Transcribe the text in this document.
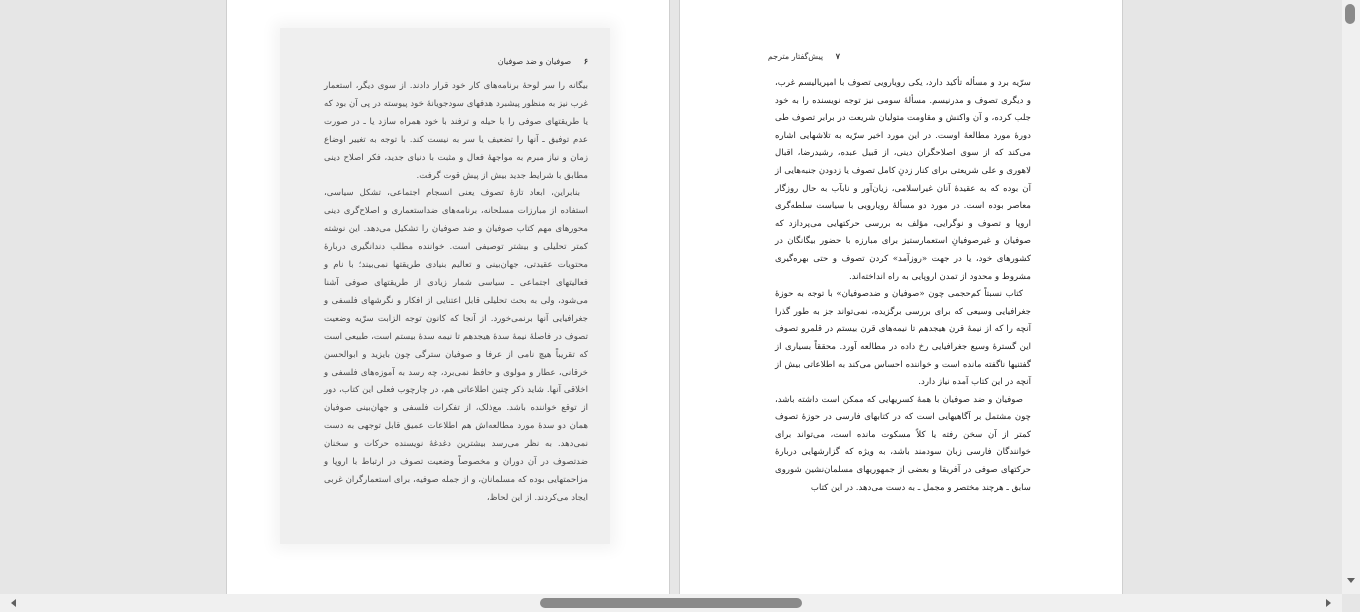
۶ صوفیان و ضد صوفیان

بیگانه را سر لوحهٔ برنامه‌های کار خود قرار دادند. از سوی دیگر، استعمار غرب نیز به منظور پیشبرد هدفهای سودجویانهٔ خود پیوسته در پی آن بود که یا طریقتهای صوفی را با حیله و ترفند با خود همراه سازد یا ـ در صورت عدم توفیق ـ آنها را تضعیف یا سر به نیست کند. با توجه به تغییر اوضاع زمان و نیاز مبرم به مواجههٔ فعال و مثبت با دنیای جدید، فکر اصلاح دینی مطابق با شرایط جدید بیش از پیش قوت گرفت.

بنابراین، ابعاد تازهٔ تصوف یعنی انسجام اجتماعی، تشکل سیاسی، استفاده از مبارزات مسلحانه، برنامه‌های ضداستعماری و اصلاح‌گری دینی محورهای مهم کتاب صوفیان و ضد صوفیان را تشکیل می‌دهد. این نوشته کمتر تحلیلی و بیشتر توصیفی است. خواننده مطلب دندانگیری دربارهٔ محتویات عقیدتی، جهان‌بینی و تعالیم بنیادی طریقتها نمی‌بیند؛ با نام و فعالیتهای اجتماعی ـ سیاسی شمار زیادی از طریقتهای صوفی آشنا می‌شود، ولی به بحث تحلیلی قابل اعتنایی از افکار و نگرشهای فلسفی و جغرافیایی آنها برنمی‌خورد. از آنجا که کانون توجه الزابت سرّیه وضعیت تصوف در فاصلهٔ نیمهٔ سدهٔ هیجدهم تا نیمه سدهٔ بیستم است، طبیعی است که تقریباً هیچ نامی از عرفا و صوفیان سترگی چون بایزید و ابوالحسن خرقانی، عطار و مولوی و حافظ نمی‌برد، چه رسد به آموزه‌های فلسفی و اخلاقی آنها. شاید ذکر چنین اطلاعاتی هم، در چارچوب فعلی این کتاب، دور از توقع خواننده باشد. مع‌ذلک، از تفکرات فلسفی و جهان‌بینی صوفیان همان دو سدهٔ مورد مطالعه‌اش هم اطلاعات عمیق قابل توجهی به دست نمی‌دهد. به نظر می‌رسد بیشترین دغدغهٔ نویسنده حرکات و سخنان ضدتصوف در آن دوران و مخصوصاً وضعیت تصوف در ارتباط با اروپا و مزاحمتهایی بوده که مسلمانان، و از جمله صوفیه، برای استعمارگران غربی ایجاد می‌کردند. از این لحاظ،

۷ پیش‌گفتار مترجم

سرّیه برد و مسأله تأکید دارد، یکی رویارویی تصوف با امپریالیسم غرب، و دیگری تصوف و مدرنیسم. مسألهٔ سومی نیز توجه نویسنده را به خود جلب کرده، و آن واکنش و مقاومت متولیان شریعت در برابر تصوف طی دورهٔ مورد مطالعهٔ اوست. در این مورد اخیر سرّیه به تلاشهایی اشاره می‌کند که از سوی اصلاحگران دینی، از قبیل عبده، رشیدرضا، اقبال لاهوری و علی شریعتی برای کنار زدنِ کامل تصوف یا زدودن جنبه‌هایی از آن بوده که به عقیدهٔ آنان غیراسلامی، زیان‌آور و نابآب به حال روزگار معاصر بوده است. در مورد دو مسألهٔ رویارویی با سیاست سلطه‌گری اروپا و تصوف و نوگرایی، مؤلف به بررسی حرکتهایی می‌پردازد که صوفیان و غیرصوفیانِ استعمارستیز برای مبارزه با حضور بیگانگان در کشورهای خود، یا در جهت «روزآمد» کردن تصوف و حتی بهره‌گیری مشروط و محدود از تمدن اروپایی به راه انداخته‌اند.

کتاب نسبتاً کم‌حجمی چون «صوفیان و ضدصوفیان» با توجه به حوزهٔ جغرافیایی وسیعی که برای بررسی برگزیده، نمی‌تواند جز به طور گذرا آنچه را که از نیمهٔ قرن هیجدهم تا نیمه‌های قرن بیستم در قلمرو تصوف این گسترهٔ وسیع جغرافیایی رخ داده در مطالعه آورد. محققاً بسیاری از گفتنیها ناگفته مانده است و خواننده احساس می‌کند به اطلاعاتی بیش از آنچه در این کتاب آمده نیاز دارد.

صوفیان و ضد صوفیان با همهٔ کسریهایی که ممکن است داشته باشد، چون مشتمل بر آگاهیهایی است که در کتابهای فارسی در حوزهٔ تصوف کمتر از آن سخن رفته یا کلاً مسکوت مانده است، می‌تواند برای خوانندگان فارسی زبان سودمند باشد، به ویژه که گزارشهایی دربارهٔ حرکتهای صوفی در آفریقا و بعضی از جمهوریهای مسلمان‌نشین شوروی سابق ـ هرچند مختصر و مجمل ـ به دست می‌دهد. در این کتاب
